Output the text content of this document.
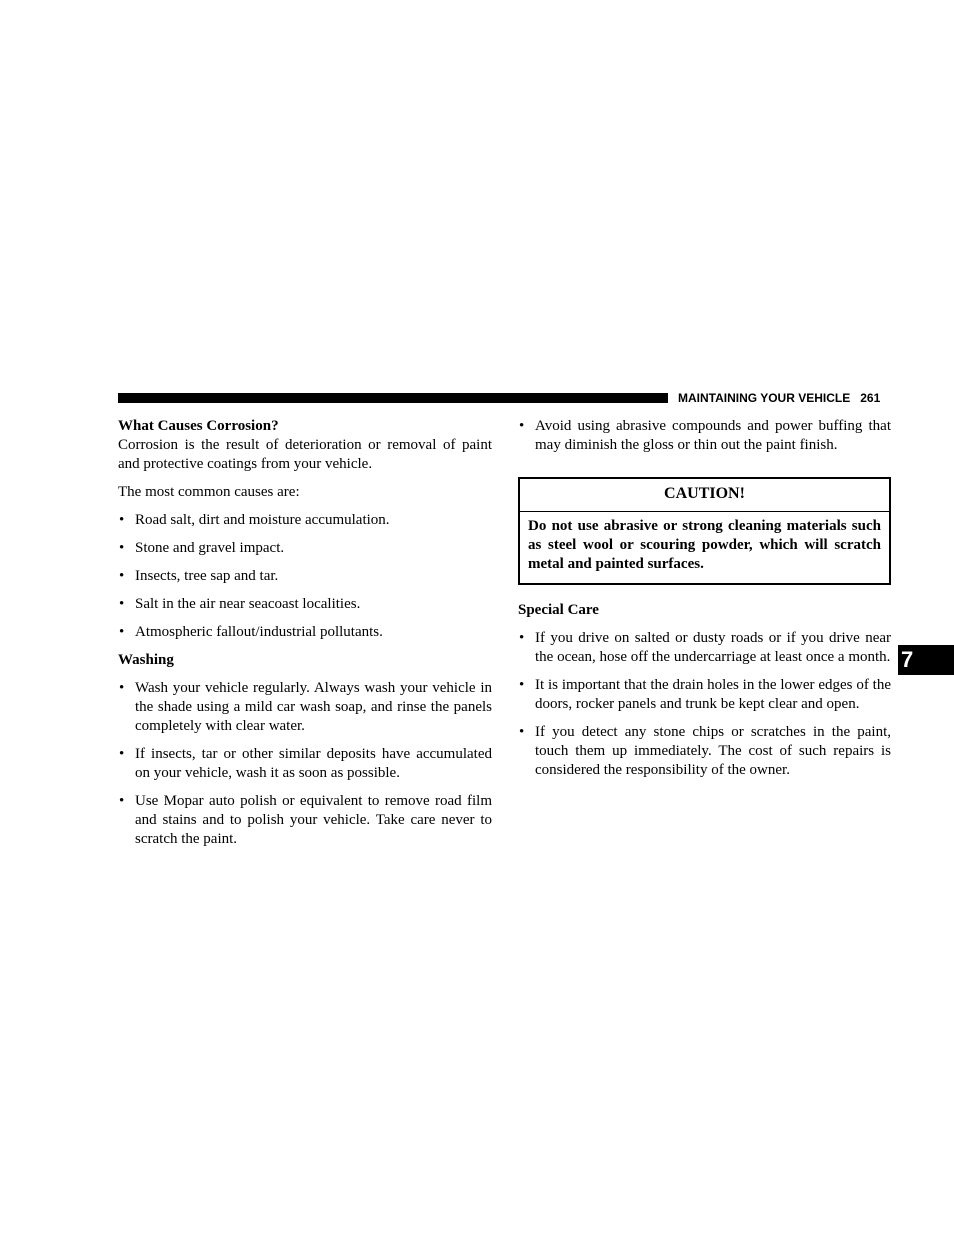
MAINTAINING YOUR VEHICLE 261
7

What Causes Corrosion?

Corrosion is the result of deterioration or removal of paint and protective coatings from your vehicle.

The most common causes are:

• Road salt, dirt and moisture accumulation.
• Stone and gravel impact.
• Insects, tree sap and tar.
• Salt in the air near seacoast localities.
• Atmospheric fallout/industrial pollutants.

Washing

• Wash your vehicle regularly. Always wash your vehicle in the shade using a mild car wash soap, and rinse the panels completely with clear water.
• If insects, tar or other similar deposits have accumulated on your vehicle, wash it as soon as possible.
• Use Mopar auto polish or equivalent to remove road film and stains and to polish your vehicle. Take care never to scratch the paint.
• Avoid using abrasive compounds and power buffing that may diminish the gloss or thin out the paint finish.
CAUTION!
Do not use abrasive or strong cleaning materials such as steel wool or scouring powder, which will scratch metal and painted surfaces.

Special Care

• If you drive on salted or dusty roads or if you drive near the ocean, hose off the undercarriage at least once a month.
• It is important that the drain holes in the lower edges of the doors, rocker panels and trunk be kept clear and open.
• If you detect any stone chips or scratches in the paint, touch them up immediately. The cost of such repairs is considered the responsibility of the owner.
